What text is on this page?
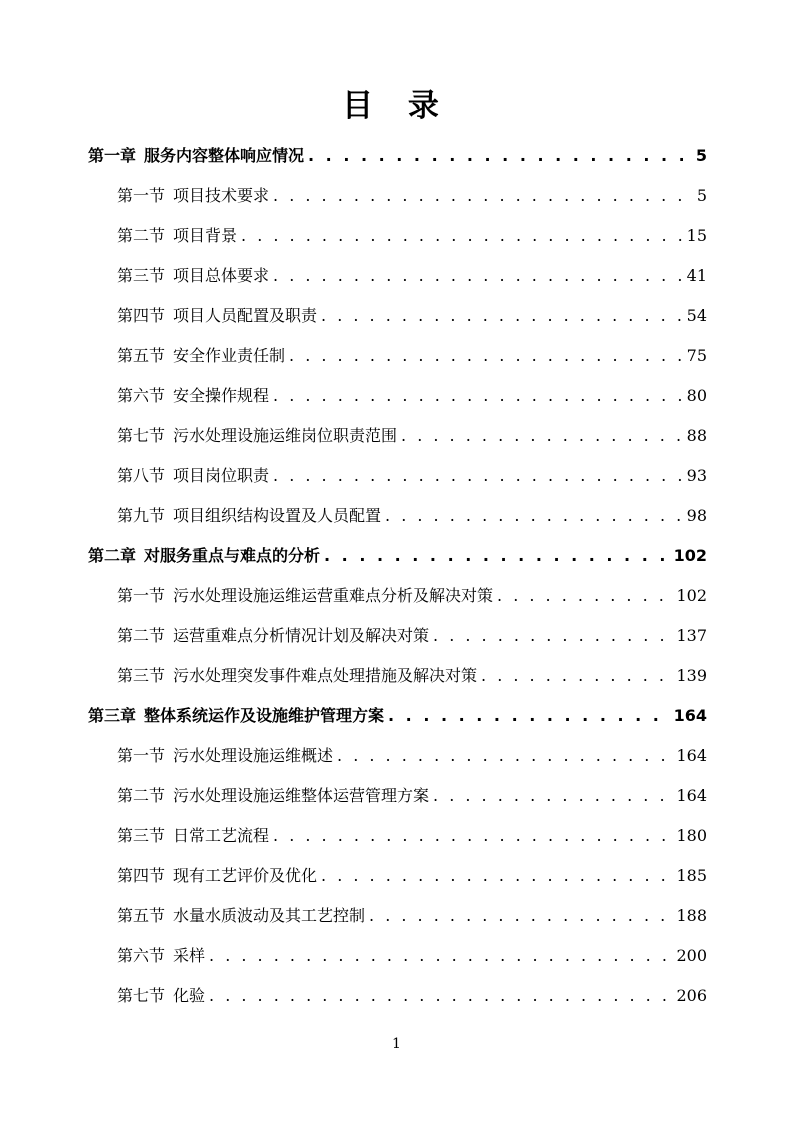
目 录
第一章 服务内容整体响应情况 . . .	5
第一节 项目技术要求 . . .	5
第二节 项目背景 . . .	15
第三节 项目总体要求 . . .	41
第四节 项目人员配置及职责 . . .	54
第五节 安全作业责任制 . . .	75
第六节 安全操作规程 . . .	80
第七节 污水处理设施运维岗位职责范围 . . .	88
第八节 项目岗位职责 . . .	93
第九节 项目组织结构设置及人员配置 . . .	98
第二章 对服务重点与难点的分析 . . .	102
第一节 污水处理设施运维运营重难点分析及解决对策 . . .	102
第二节 运营重难点分析情况计划及解决对策 . . .	137
第三节 污水处理突发事件难点处理措施及解决对策 . . .	139
第三章 整体系统运作及设施维护管理方案 . . .	164
第一节 污水处理设施运维概述 . . .	164
第二节 污水处理设施运维整体运营管理方案 . . .	164
第三节 日常工艺流程 . . .	180
第四节 现有工艺评价及优化 . . .	185
第五节 水量水质波动及其工艺控制 . . .	188
第六节 采样 . . .	200
第七节 化验 . . .	206
1
